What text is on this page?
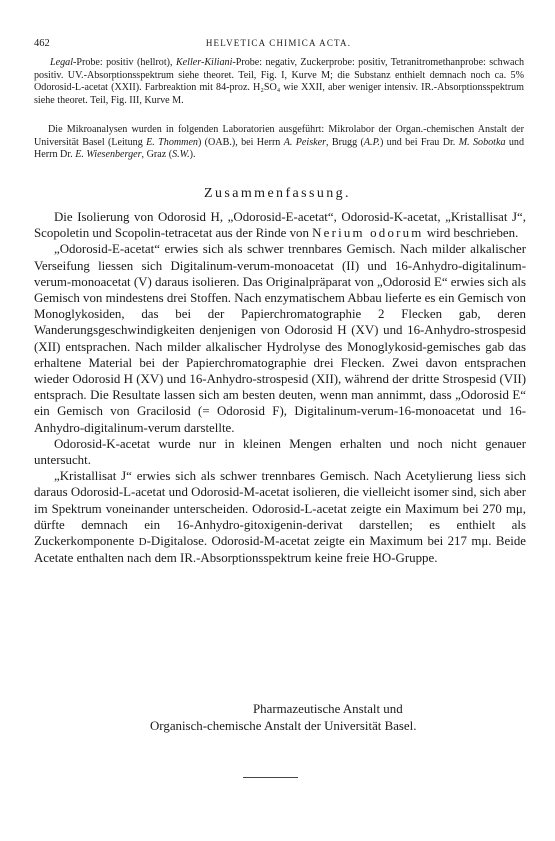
462	HELVETICA CHIMICA ACTA.

Legal-Probe: positiv (hellrot), Keller-Kiliani-Probe: negativ, Zuckerprobe: positiv, Tetranitromethanprobe: schwach positiv. UV.-Absorptionsspektrum siehe theoret. Teil, Fig. I, Kurve M; die Substanz enthielt demnach noch ca. 5% Odorosid-L-acetat (XXII). Farbreaktion mit 84-proz. H₂SO₄ wie XXII, aber weniger intensiv. IR.-Absorptionsspektrum siehe theoret. Teil, Fig. III, Kurve M.

Die Mikroanalysen wurden in folgenden Laboratorien ausgeführt: Mikrolabor der Organ.-chemischen Anstalt der Universität Basel (Leitung E. Thommen) (OAB.), bei Herrn A. Peisker, Brugg (A.P.) und bei Frau Dr. M. Sobotka und Herrn Dr. E. Wiesenberger, Graz (S.W.).

Zusammenfassung.

Die Isolierung von Odorosid H, „Odorosid-E-acetat“, Odorosid-K-acetat, „Kristallisat J“, Scopoletin und Scopolin-tetracetat aus der Rinde von Nerium odorum wird beschrieben.

„Odorosid-E-acetat“ erwies sich als schwer trennbares Gemisch. Nach milder alkalischer Verseifung liessen sich Digitalinum-verum-monoacetat (II) und 16-Anhydro-digitalinum-verum-monoacetat (V) daraus isolieren. Das Originalpräparat von „Odorosid E“ erwies sich als Gemisch von mindestens drei Stoffen. Nach enzymatischem Abbau lieferte es ein Gemisch von Monoglykosiden, das bei der Papierchromatographie 2 Flecken gab, deren Wanderungsgeschwindigkeiten denjenigen von Odorosid H (XV) und 16-Anhydro-strospesid (XII) entsprachen. Nach milder alkalischer Hydrolyse des Monoglykosid-gemisches gab das erhaltene Material bei der Papierchromatographie drei Flecken. Zwei davon entsprachen wieder Odorosid H (XV) und 16-Anhydro-strospesid (XII), während der dritte Strospesid (VII) entsprach. Die Resultate lassen sich am besten deuten, wenn man annimmt, dass „Odorosid E“ ein Gemisch von Gracilosid (= Odorosid F), Digitalinum-verum-16-monoacetat und 16-Anhydro-digitalinum-verum darstellte.

Odorosid-K-acetat wurde nur in kleinen Mengen erhalten und noch nicht genauer untersucht.

„Kristallisat J“ erwies sich als schwer trennbares Gemisch. Nach Acetylierung liess sich daraus Odorosid-L-acetat und Odorosid-M-acetat isolieren, die vielleicht isomer sind, sich aber im Spektrum voneinander unterscheiden. Odorosid-L-acetat zeigte ein Maximum bei 270 mμ, dürfte demnach ein 16-Anhydro-gitoxigenin-derivat darstellen; es enthielt als Zuckerkomponente D-Digitalose. Odorosid-M-acetat zeigte ein Maximum bei 217 mμ. Beide Acetate enthalten nach dem IR.-Absorptionsspektrum keine freie HO-Gruppe.

Pharmazeutische Anstalt und
Organisch-chemische Anstalt der Universität Basel.
